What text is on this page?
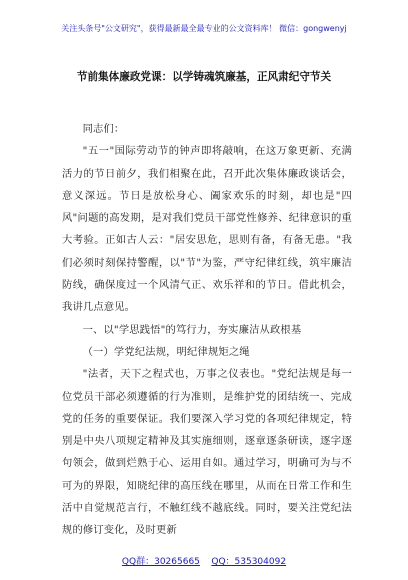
关注头条号"公文研究"，获得最新最全最专业的公文资料库！ 微信：gongwenyj
节前集体廉政党课：以学铸魂筑廉基，正风肃纪守节关

同志们：

"五一"国际劳动节的钟声即将敲响，在这万象更新、充满活力的节日前夕，我们相聚在此，召开此次集体廉政谈话会，意义深远。节日是放松身心、阖家欢乐的时刻，却也是"四风"问题的高发期，是对我们党员干部党性修养、纪律意识的重大考验。正如古人云："居安思危，思则有备，有备无患。"我们必须时刻保持警醒，以"节"为鉴，严守纪律红线，筑牢廉洁防线，确保度过一个风清气正、欢乐祥和的节日。借此机会，我讲几点意见。

一、以"学思践悟"的笃行力，夯实廉洁从政根基

（一）学党纪法规，明纪律规矩之绳

"法者，天下之程式也，万事之仪表也。"党纪法规是每一位党员干部必须遵循的行为准则，是维护党的团结统一、完成党的任务的重要保证。我们要深入学习党的各项纪律规定，特别是中央八项规定精神及其实施细则，逐章逐条研读，逐字逐句领会，做到烂熟于心、运用自如。通过学习，明确可为与不可为的界限，知晓纪律的高压线在哪里，从而在日常工作和生活中自觉规范言行，不触红线不越底线。同时，要关注党纪法规的修订变化，及时更新

QQ群：30265665 QQ：535304092
